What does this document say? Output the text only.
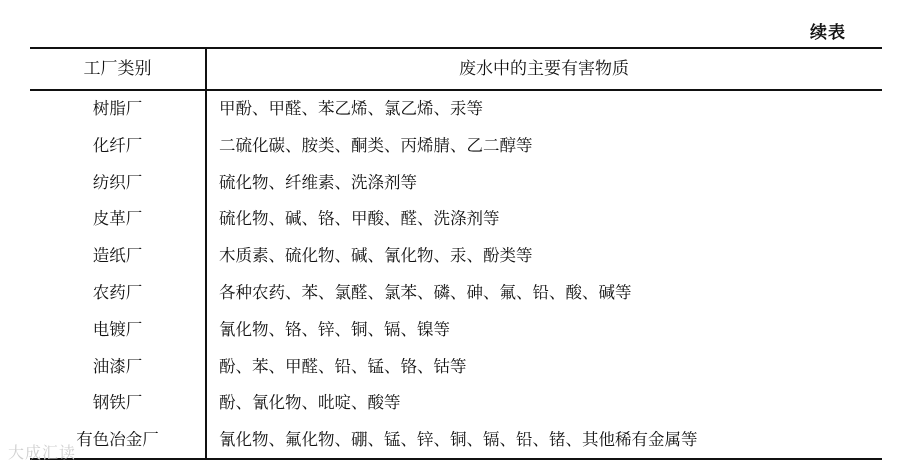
续表
工厂类别	废水中的主要有害物质
树脂厂	甲酚、甲醛、苯乙烯、氯乙烯、汞等
化纤厂	二硫化碳、胺类、酮类、丙烯腈、乙二醇等
纺织厂	硫化物、纤维素、洗涤剂等
皮革厂	硫化物、碱、铬、甲酸、醛、洗涤剂等
造纸厂	木质素、硫化物、碱、氰化物、汞、酚类等
农药厂	各种农药、苯、氯醛、氯苯、磷、砷、氟、铅、酸、碱等
电镀厂	氰化物、铬、锌、铜、镉、镍等
油漆厂	酚、苯、甲醛、铅、锰、铬、钴等
钢铁厂	酚、氰化物、吡啶、酸等
有色冶金厂	氰化物、氟化物、硼、锰、锌、铜、镉、铅、锗、其他稀有金属等
大成汇读
